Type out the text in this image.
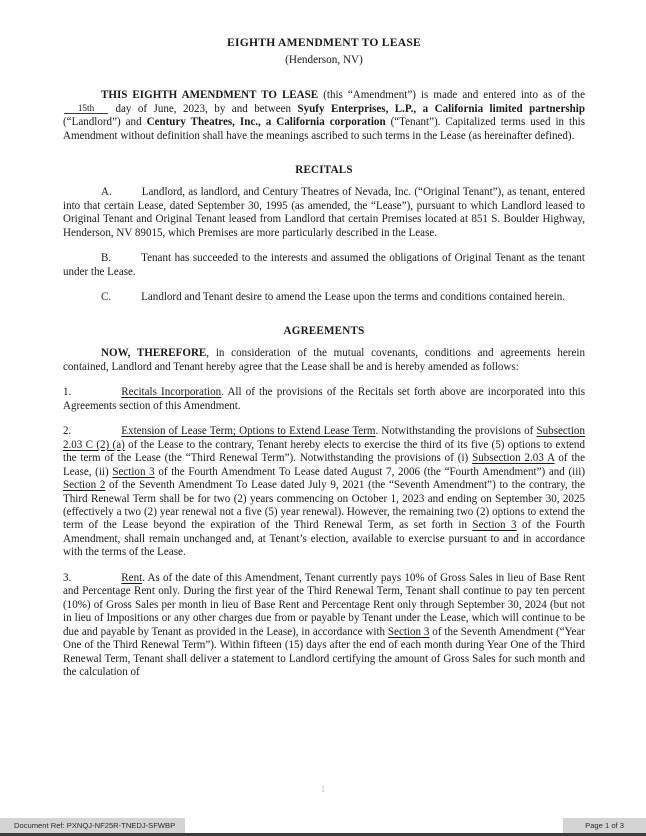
EIGHTH AMENDMENT TO LEASE
(Henderson, NV)

THIS EIGHTH AMENDMENT TO LEASE (this “Amendment”) is made and entered into as of the 15th day of June, 2023, by and between Syufy Enterprises, L.P., a California limited partnership (“Landlord”) and Century Theatres, Inc., a California corporation (“Tenant”). Capitalized terms used in this Amendment without definition shall have the meanings ascribed to such terms in the Lease (as hereinafter defined).

RECITALS

A.	Landlord, as landlord, and Century Theatres of Nevada, Inc. (“Original Tenant”), as tenant, entered into that certain Lease, dated September 30, 1995 (as amended, the “Lease”), pursuant to which Landlord leased to Original Tenant and Original Tenant leased from Landlord that certain Premises located at 851 S. Boulder Highway, Henderson, NV 89015, which Premises are more particularly described in the Lease.

B.	Tenant has succeeded to the interests and assumed the obligations of Original Tenant as the tenant under the Lease.

C.	Landlord and Tenant desire to amend the Lease upon the terms and conditions contained herein.

AGREEMENTS

NOW, THEREFORE, in consideration of the mutual covenants, conditions and agreements herein contained, Landlord and Tenant hereby agree that the Lease shall be and is hereby amended as follows:

1.	Recitals Incorporation. All of the provisions of the Recitals set forth above are incorporated into this Agreements section of this Amendment.

2.	Extension of Lease Term; Options to Extend Lease Term. Notwithstanding the provisions of Subsection 2.03 C (2) (a) of the Lease to the contrary, Tenant hereby elects to exercise the third of its five (5) options to extend the term of the Lease (the “Third Renewal Term”). Notwithstanding the provisions of (i) Subsection 2.03 A of the Lease, (ii) Section 3 of the Fourth Amendment To Lease dated August 7, 2006 (the “Fourth Amendment”) and (iii) Section 2 of the Seventh Amendment To Lease dated July 9, 2021 (the “Seventh Amendment”) to the contrary, the Third Renewal Term shall be for two (2) years commencing on October 1, 2023 and ending on September 30, 2025 (effectively a two (2) year renewal not a five (5) year renewal). However, the remaining two (2) options to extend the term of the Lease beyond the expiration of the Third Renewal Term, as set forth in Section 3 of the Fourth Amendment, shall remain unchanged and, at Tenant’s election, available to exercise pursuant to and in accordance with the terms of the Lease.

3.	Rent. As of the date of this Amendment, Tenant currently pays 10% of Gross Sales in lieu of Base Rent and Percentage Rent only. During the first year of the Third Renewal Term, Tenant shall continue to pay ten percent (10%) of Gross Sales per month in lieu of Base Rent and Percentage Rent only through September 30, 2024 (but not in lieu of Impositions or any other charges due from or payable by Tenant under the Lease, which will continue to be due and payable by Tenant as provided in the Lease), in accordance with Section 3 of the Seventh Amendment (“Year One of the Third Renewal Term”). Within fifteen (15) days after the end of each month during Year One of the Third Renewal Term, Tenant shall deliver a statement to Landlord certifying the amount of Gross Sales for such month and the calculation of

1
Document Ref: PXNQJ-NF25R-TNEDJ-SFWBP	Page 1 of 3
